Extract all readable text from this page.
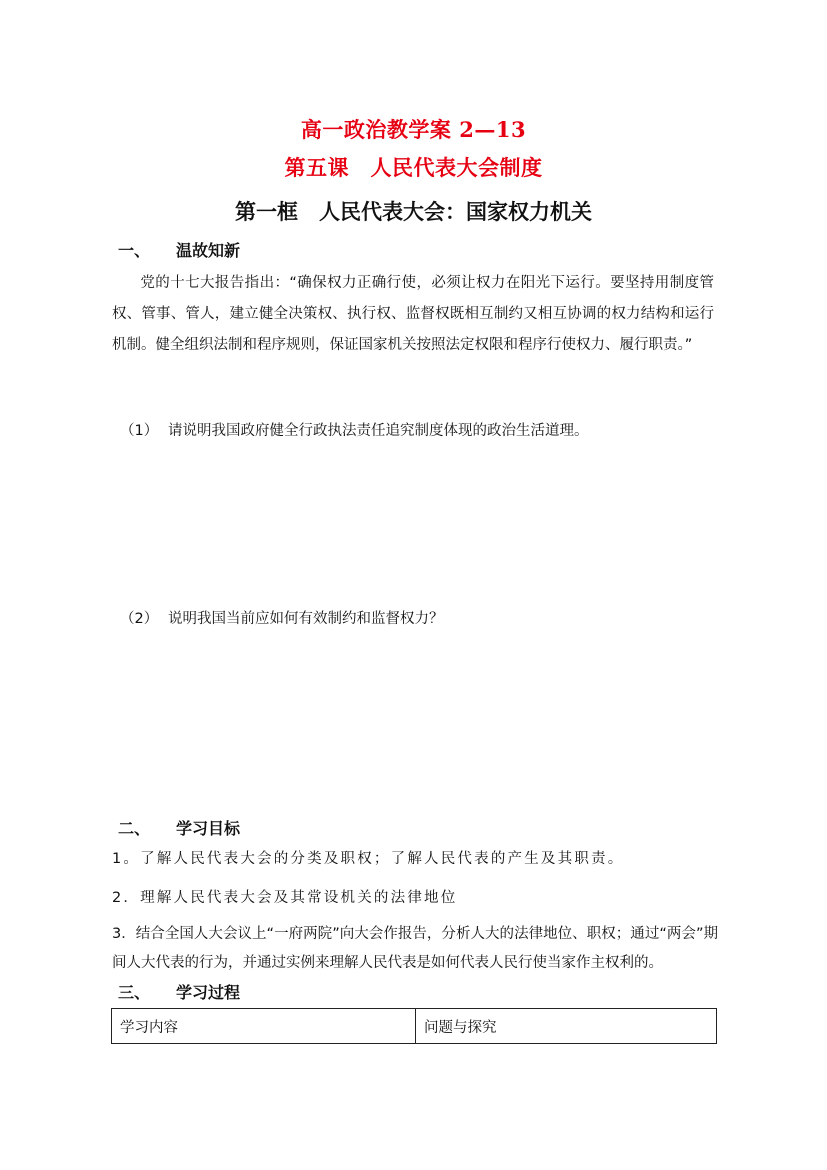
高一政治教学案 2—13
第五课　人民代表大会制度
第一框　人民代表大会：国家权力机关
一、 温故知新
党的十七大报告指出：“确保权力正确行使，必须让权力在阳光下运行。要坚持用制度管权、管事、管人，建立健全决策权、执行权、监督权既相互制约又相互协调的权力结构和运行机制。健全组织法制和程序规则，保证国家机关按照法定权限和程序行使权力、履行职责。”
（1） 请说明我国政府健全行政执法责任追究制度体现的政治生活道理。
（2） 说明我国当前应如何有效制约和监督权力？
二、 学习目标
1。了解人民代表大会的分类及职权；了解人民代表的产生及其职责。
2．理解人民代表大会及其常设机关的法律地位
3．结合全国人大会议上“一府两院”向大会作报告，分析人大的法律地位、职权；通过“两会”期间人大代表的行为，并通过实例来理解人民代表是如何代表人民行使当家作主权利的。
三、 学习过程
学习内容	问题与探究
